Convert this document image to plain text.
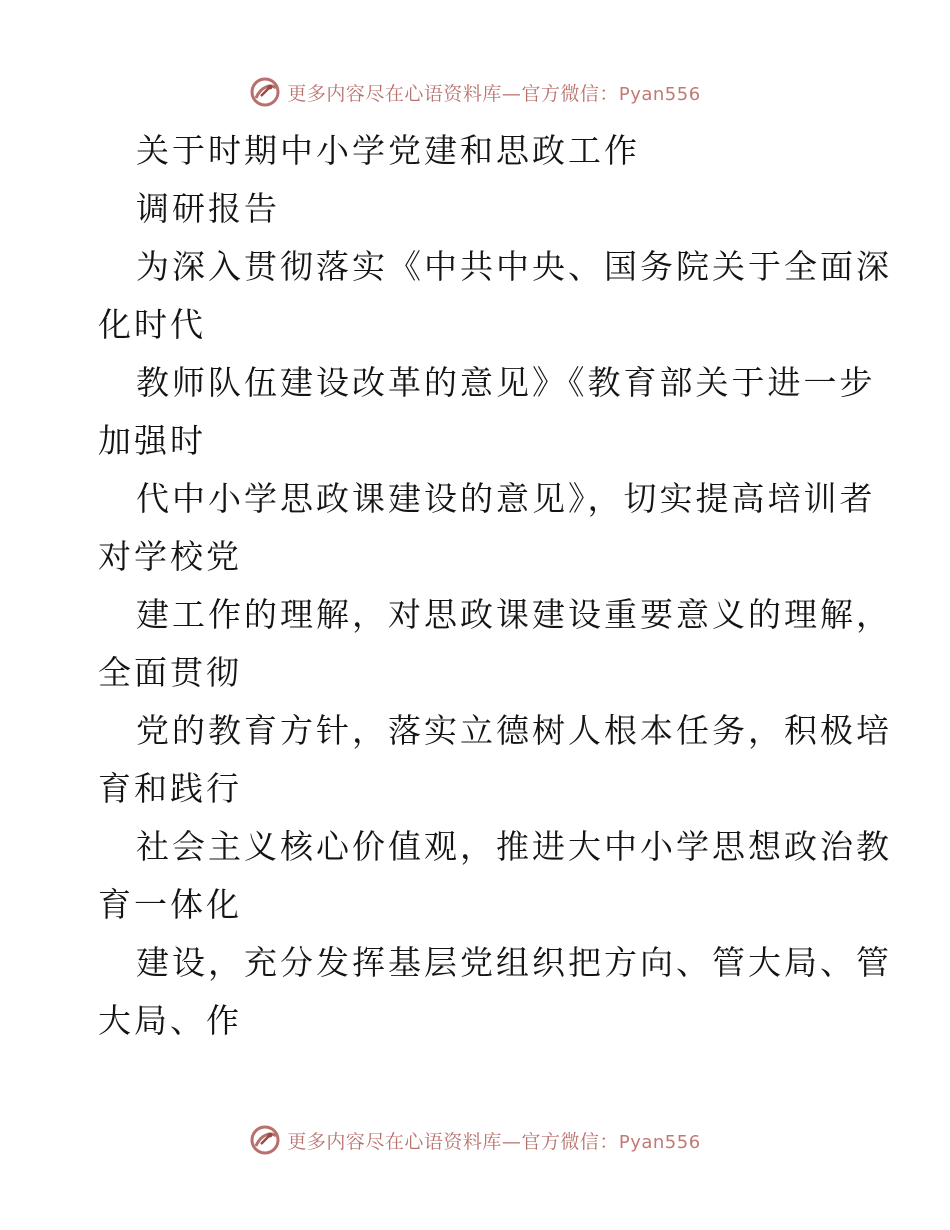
更多内容尽在心语资料库—官方微信：Pyan556
关于时期中小学党建和思政工作
调研报告
为深入贯彻落实《中共中央、国务院关于全面深
化时代
教师队伍建设改革的意见》《教育部关于进一步
加强时
代中小学思政课建设的意见》，切实提高培训者
对学校党
建工作的理解，对思政课建设重要意义的理解，
全面贯彻
党的教育方针，落实立德树人根本任务，积极培
育和践行
社会主义核心价值观，推进大中小学思想政治教
育一体化
建设，充分发挥基层党组织把方向、管大局、管
大局、作
更多内容尽在心语资料库—官方微信：Pyan556
